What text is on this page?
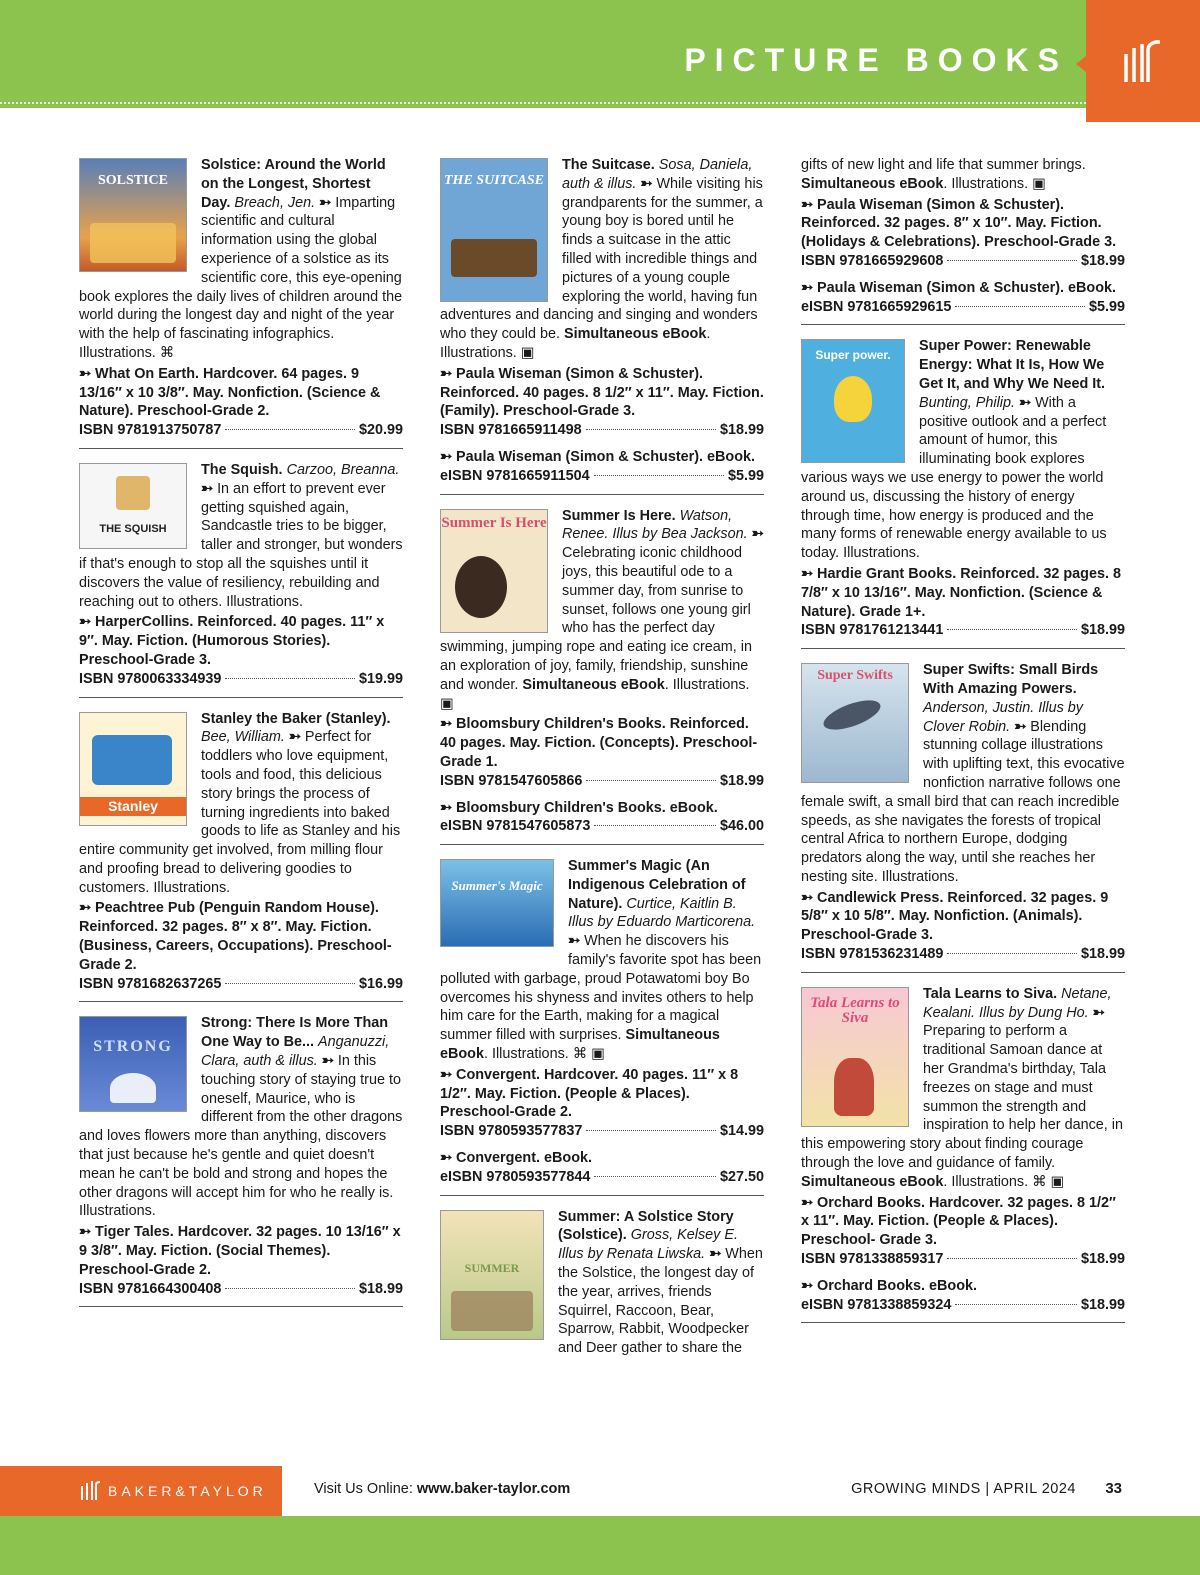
PICTURE BOOKS
SOLSTICE

Solstice: Around the World on the Longest, Shortest Day. Breach, Jen. ➳ Imparting scientific and cultural information using the global experience of a solstice as its scientific core, this eye-opening book explores the daily lives of children around the world during the longest day and night of the year with the help of fascinating infographics. Illustrations. ⌘

➳ What On Earth. Hardcover. 64 pages. 9 13/16″ x 10 3/8″. May. Nonfiction. (Science & Nature). Preschool-Grade 2.

ISBN 9781913750787	$20.99
THE SQUISH

The Squish. Carzoo, Breanna. ➳ In an effort to prevent ever getting squished again, Sandcastle tries to be bigger, taller and stronger, but wonders if that's enough to stop all the squishes until it discovers the value of resiliency, rebuilding and reaching out to others. Illustrations.

➳ HarperCollins. Reinforced. 40 pages. 11″ x 9″. May. Fiction. (Humorous Stories). Preschool-Grade 3.

ISBN 9780063334939	$19.99
Stanley

Stanley the Baker (Stanley). Bee, William. ➳ Perfect for toddlers who love equipment, tools and food, this delicious story brings the process of turning ingredients into baked goods to life as Stanley and his entire community get involved, from milling flour and proofing bread to delivering goodies to customers. Illustrations.

➳ Peachtree Pub (Penguin Random House). Reinforced. 32 pages. 8″ x 8″. May. Fiction. (Business, Careers, Occupations). Preschool-Grade 2.

ISBN 9781682637265	$16.99
STRONG

Strong: There Is More Than One Way to Be... Anganuzzi, Clara, auth & illus. ➳ In this touching story of staying true to oneself, Maurice, who is different from the other dragons and loves flowers more than anything, discovers that just because he's gentle and quiet doesn't mean he can't be bold and strong and hopes the other dragons will accept him for who he really is. Illustrations.

➳ Tiger Tales. Hardcover. 32 pages. 10 13/16″ x 9 3/8″. May. Fiction. (Social Themes). Preschool-Grade 2.

ISBN 9781664300408	$18.99
THE SUITCASE

The Suitcase. Sosa, Daniela, auth & illus. ➳ While visiting his grandparents for the summer, a young boy is bored until he finds a suitcase in the attic filled with incredible things and pictures of a young couple exploring the world, having fun adventures and dancing and singing and wonders who they could be. Simultaneous eBook. Illustrations. ▣

➳ Paula Wiseman (Simon & Schuster). Reinforced. 40 pages. 8 1/2″ x 11″. May. Fiction. (Family). Preschool-Grade 3.

ISBN 9781665911498	$18.99
➳ Paula Wiseman (Simon & Schuster). eBook.
eISBN 9781665911504	$5.99
Summer Is Here	Summer Is Here. Watson, Renee. Illus by Bea Jackson. ➳ Celebrating iconic childhood joys, this beautiful ode to a summer day, from sunrise to sunset, follows one young girl who has the perfect day swimming, jumping rope and eating ice cream, in an exploration of joy, family, friendship, sunshine and wonder. Simultaneous eBook. Illustrations. ▣

➳ Bloomsbury Children's Books. Reinforced. 40 pages. May. Fiction. (Concepts). Preschool-Grade 1.

ISBN 9781547605866	$18.99
➳ Bloomsbury Children's Books. eBook.
eISBN 9781547605873	$46.00
Summer's Magic

Summer's Magic (An Indigenous Celebration of Nature). Curtice, Kaitlin B. Illus by Eduardo Marticorena. ➳ When he discovers his family's favorite spot has been polluted with garbage, proud Potawatomi boy Bo overcomes his shyness and invites others to help him care for the Earth, making for a magical summer filled with surprises. Simultaneous eBook. Illustrations. ⌘ ▣

➳ Convergent. Hardcover. 40 pages. 11″ x 8 1/2″. May. Fiction. (People & Places). Preschool-Grade 2.

ISBN 9780593577837	$14.99
➳ Convergent. eBook.
eISBN 9780593577844	$27.50
SUMMER

Summer: A Solstice Story (Solstice). Gross, Kelsey E. Illus by Renata Liwska. ➳ When the Solstice, the longest day of the year, arrives, friends Squirrel, Raccoon, Bear, Sparrow, Rabbit, Woodpecker and Deer gather to share the

gifts of new light and life that summer brings. Simultaneous eBook. Illustrations. ▣

➳ Paula Wiseman (Simon & Schuster). Reinforced. 32 pages. 8″ x 10″. May. Fiction. (Holidays & Celebrations). Preschool-Grade 3.

ISBN 9781665929608	$18.99
➳ Paula Wiseman (Simon & Schuster). eBook.
eISBN 9781665929615	$5.99
Super power.

Super Power: Renewable Energy: What It Is, How We Get It, and Why We Need It. Bunting, Philip. ➳ With a positive outlook and a perfect amount of humor, this illuminating book explores various ways we use energy to power the world around us, discussing the history of energy through time, how energy is produced and the many forms of renewable energy available to us today. Illustrations.

➳ Hardie Grant Books. Reinforced. 32 pages. 8 7/8″ x 10 13/16″. May. Nonfiction. (Science & Nature). Grade 1+.

ISBN 9781761213441	$18.99
Super Swifts	Super Swifts: Small Birds With Amazing Powers. Anderson, Justin. Illus by Clover Robin. ➳ Blending stunning collage illustrations with uplifting text, this evocative nonfiction narrative follows one female swift, a small bird that can reach incredible speeds, as she navigates the forests of tropical central Africa to northern Europe, dodging predators along the way, until she reaches her nesting site. Illustrations.

➳ Candlewick Press. Reinforced. 32 pages. 9 5/8″ x 10 5/8″. May. Nonfiction. (Animals). Preschool-Grade 3.

ISBN 9781536231489	$18.99
Tala Learns to Siva

Tala Learns to Siva. Netane, Kealani. Illus by Dung Ho. ➳ Preparing to perform a traditional Samoan dance at her Grandma's birthday, Tala freezes on stage and must summon the strength and inspiration to help her dance, in this empowering story about finding courage through the love and guidance of family. Simultaneous eBook. Illustrations. ⌘ ▣

➳ Orchard Books. Hardcover. 32 pages. 8 1/2″ x 11″. May. Fiction. (People & Places). Preschool- Grade 3.

ISBN 9781338859317	$18.99
➳ Orchard Books. eBook.
eISBN 9781338859324	$18.99
BAKER&TAYLOR	Visit Us Online: www.baker-taylor.com	GROWING MINDS | APRIL 2024 33
